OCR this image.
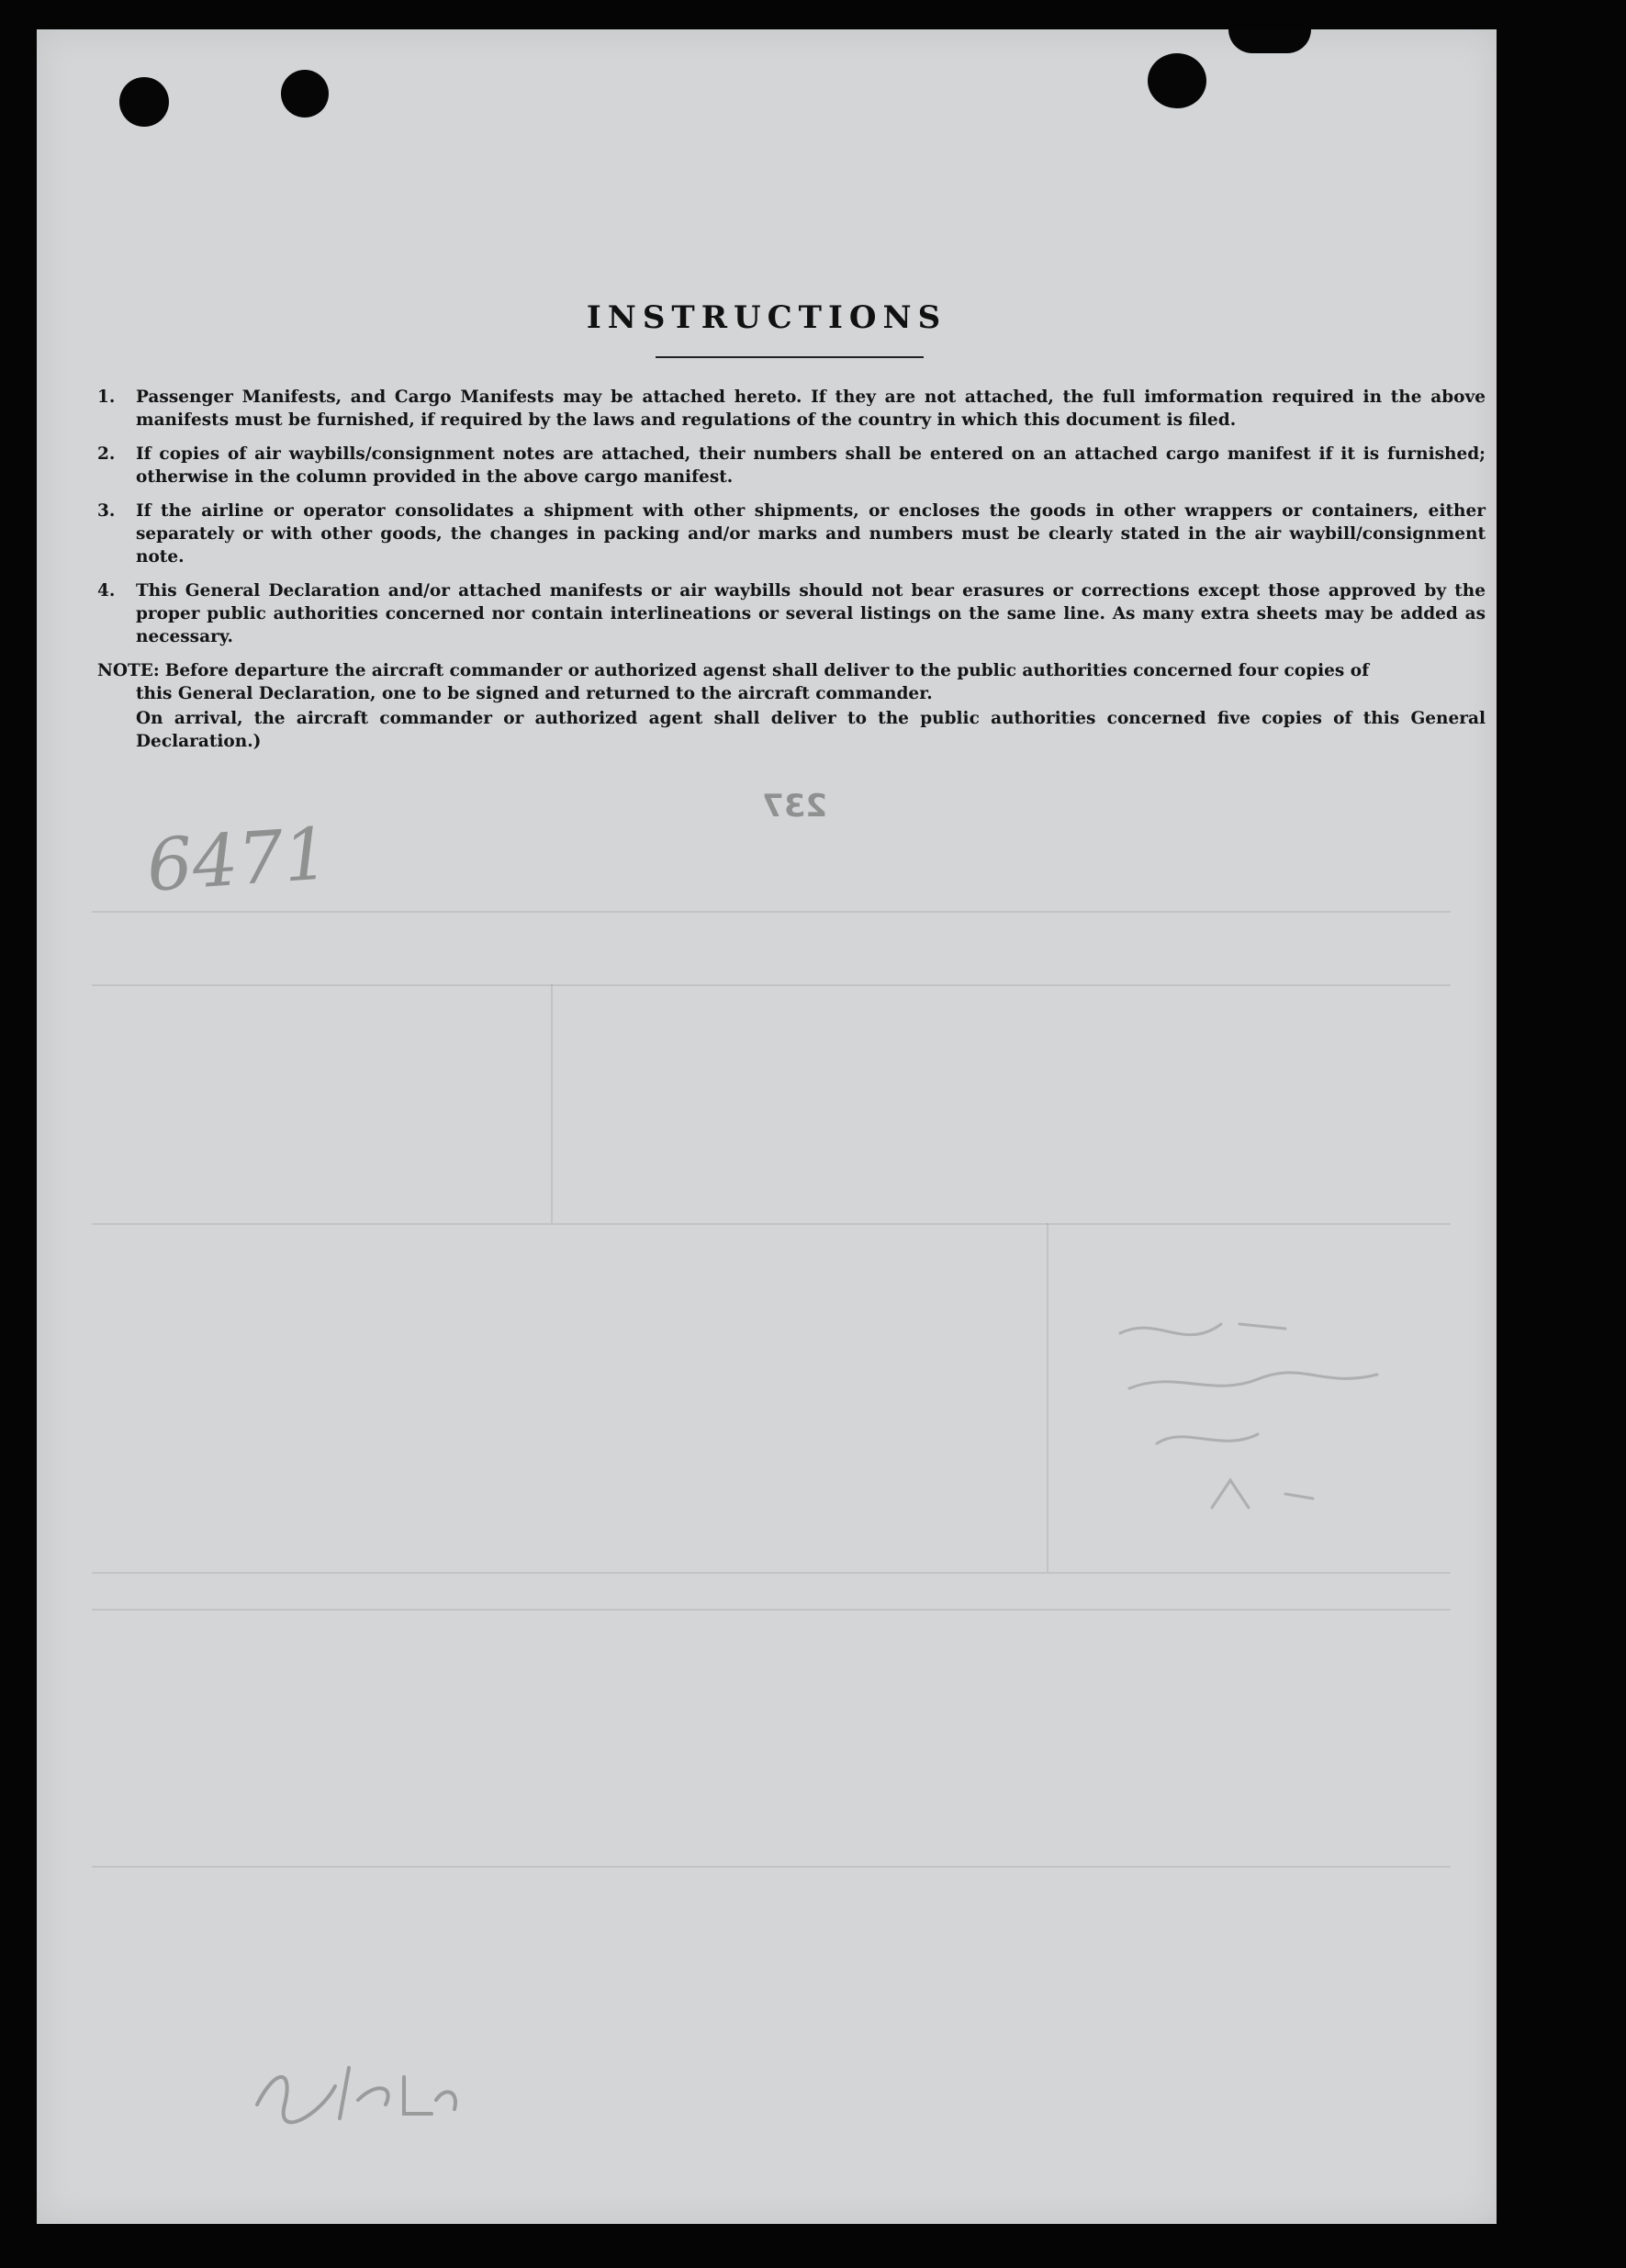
INSTRUCTIONS
1.	Passenger Manifests, and Cargo Manifests may be attached hereto. If they are not attached, the full imformation required in the above manifests must be furnished, if required by the laws and regulations of the country in which this document is filed.
2.	If copies of air waybills/consignment notes are attached, their numbers shall be entered on an attached cargo manifest if it is furnished; otherwise in the column provided in the above cargo manifest.
3.	If the airline or operator consolidates a shipment with other shipments, or encloses the goods in other wrappers or containers, either separately or with other goods, the changes in packing and/or marks and numbers must be clearly stated in the air waybill/consignment note.
4.	This General Declaration and/or attached manifests or air waybills should not bear erasures or corrections except those approved by the proper public authorities concerned nor contain interlineations or several listings on the same line. As many extra sheets may be added as necessary.
NOTE: Before departure the aircraft commander or authorized agenst shall deliver to the public authorities concerned four copies of
this General Declaration, one to be signed and returned to the aircraft commander.
On arrival, the aircraft commander or authorized agent shall deliver to the public authorities concerned five copies of this General Declaration.)
237
6471
